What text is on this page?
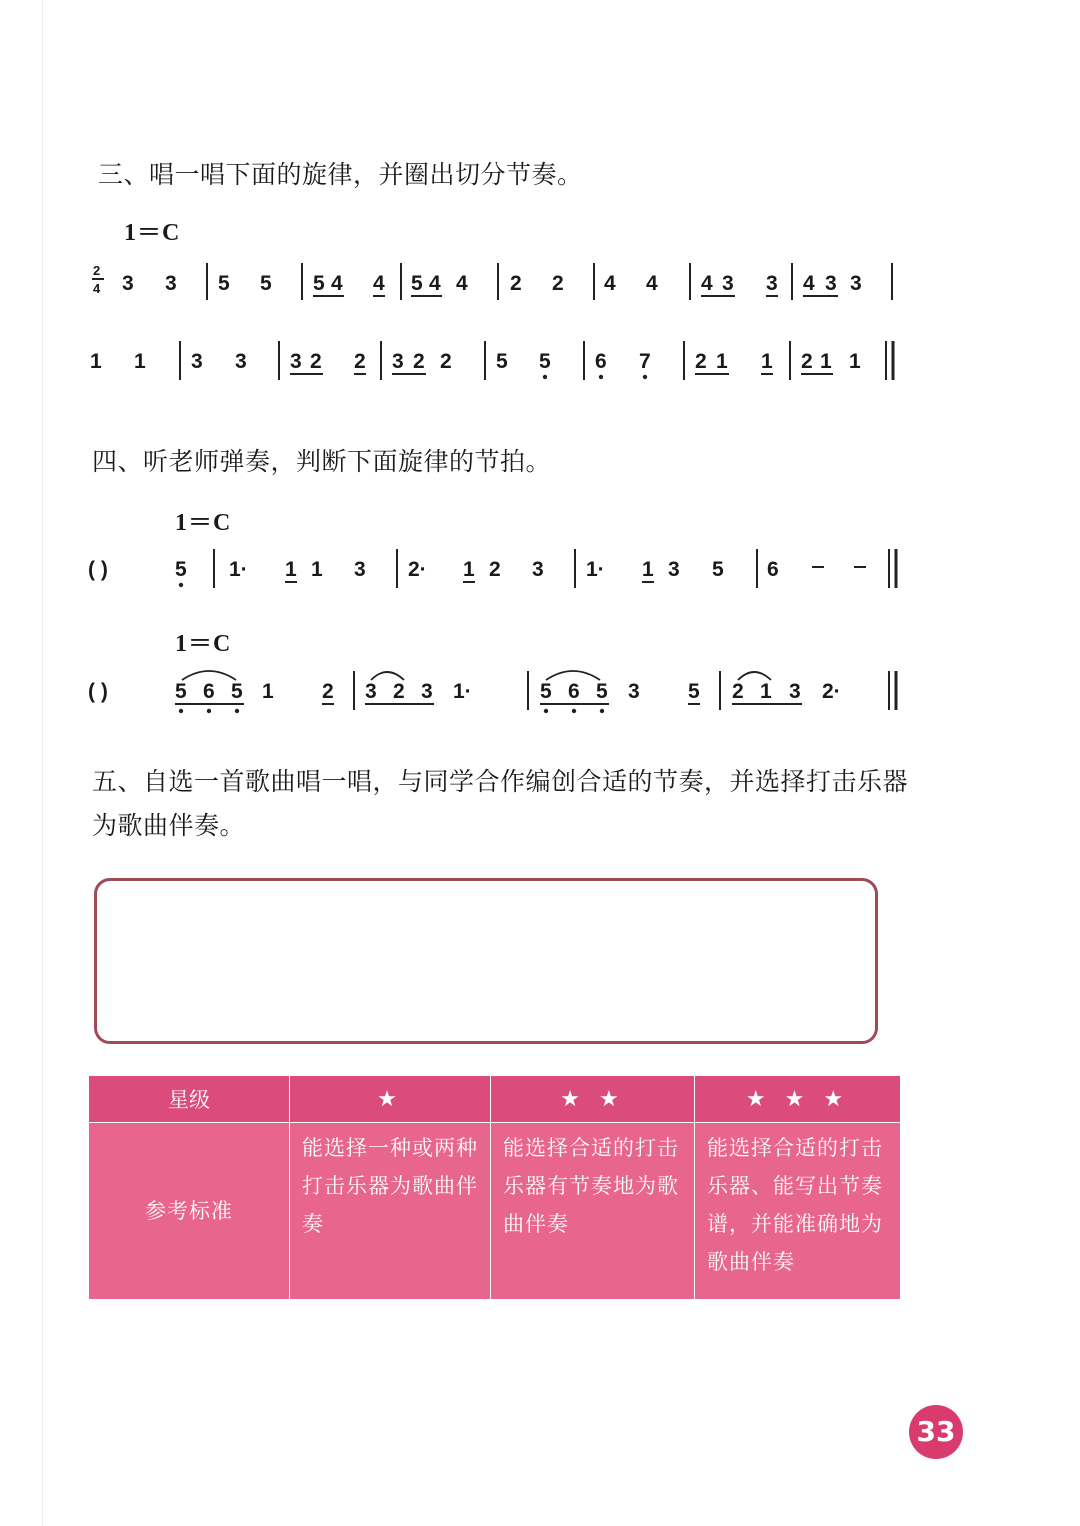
三、唱一唱下面的旋律，并圈出切分节奏。
1＝C
四、听老师弹奏，判断下面旋律的节拍。
1＝C
1＝C
五、自选一首歌曲唱一唱，与同学合作编创合适的节奏，并选择打击乐器为歌曲伴奏。
2
4 3 3 5 5 5 4 4 5 4 4 2 2 4 4 4 3 3 4 3 3
1 1 3 3 3 2 2 3 2 2 5 5 6 7 2 1 1 2 1 1
( )	5 1· 1 1 3 2· 1 2 3 1· 1 3 5 6
( )	5 6 5 1 2 3 2 3 1·	5 6 5 3 5 2 1 3 2·
星级	★	★ ★	★ ★ ★
参考标准	能选择一种或两种打击乐器为歌曲伴奏	能选择合适的打击乐器有节奏地为歌曲伴奏	能选择合适的打击乐器、能写出节奏谱，并能准确地为歌曲伴奏
33
